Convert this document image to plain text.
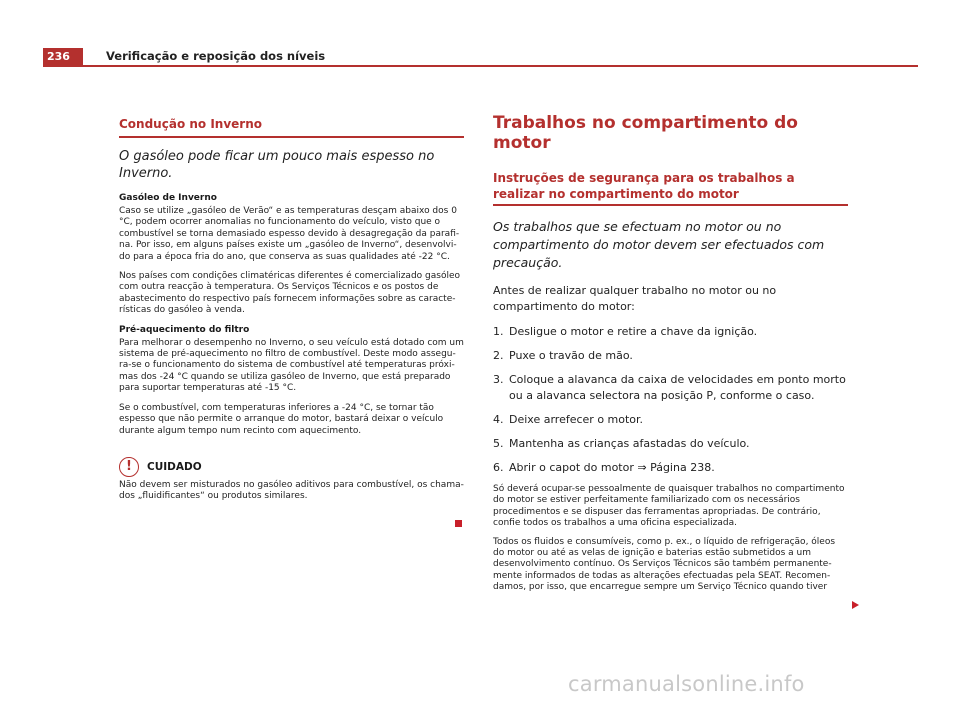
236	Verificação e reposição dos níveis

Condução no Inverno

O gasóleo pode ficar um pouco mais espesso no Inverno.

Gasóleo de Inverno

Caso se utilize „gasóleo de Verão“ e as temperaturas desçam abaixo dos 0 °C, podem ocorrer anomalias no funcionamento do veículo, visto que o combustível se torna demasiado espesso devido à desagregação da parafina. Por isso, em alguns países existe um „gasóleo de Inverno“, desenvolvido para a época fria do ano, que conserva as suas qualidades até -22 °C.

Nos países com condições climatéricas diferentes é comercializado gasóleo com outra reacção à temperatura. Os Serviços Técnicos e os postos de abastecimento do respectivo país fornecem informações sobre as características do gasóleo à venda.

Pré-aquecimento do filtro

Para melhorar o desempenho no Inverno, o seu veículo está dotado com um sistema de pré-aquecimento no filtro de combustível. Deste modo assegura-se o funcionamento do sistema de combustível até temperaturas próximas dos -24 °C quando se utiliza gasóleo de Inverno, que está preparado para suportar temperaturas até -15 °C.

Se o combustível, com temperaturas inferiores a -24 °C, se tornar tão espesso que não permite o arranque do motor, bastará deixar o veículo durante algum tempo num recinto com aquecimento.

!	CUIDADO

Não devem ser misturados no gasóleo aditivos para combustível, os chamados „fluidificantes“ ou produtos similares.

Trabalhos no compartimento do motor

Instruções de segurança para os trabalhos a realizar no compartimento do motor

Os trabalhos que se efectuam no motor ou no compartimento do motor devem ser efectuados com precaução.

Antes de realizar qualquer trabalho no motor ou no compartimento do motor:

1. Desligue o motor e retire a chave da ignição.
2. Puxe o travão de mão.
3. Coloque a alavanca da caixa de velocidades em ponto morto ou a alavanca selectora na posição P, conforme o caso.
4. Deixe arrefecer o motor.
5. Mantenha as crianças afastadas do veículo.
6. Abrir o capot do motor ⇒ Página 238.

Só deverá ocupar-se pessoalmente de quaisquer trabalhos no compartimento do motor se estiver perfeitamente familiarizado com os necessários procedimentos e se dispuser das ferramentas apropriadas. De contrário, confie todos os trabalhos a uma oficina especializada.

Todos os fluidos e consumíveis, como p. ex., o líquido de refrigeração, óleos do motor ou até as velas de ignição e baterias estão submetidos a um desenvolvimento contínuo. Os Serviços Técnicos são também permanentemente informados de todas as alterações efectuadas pela SEAT. Recomendamos, por isso, que encarregue sempre um Serviço Técnico quando tiver

carmanualsonline.info
